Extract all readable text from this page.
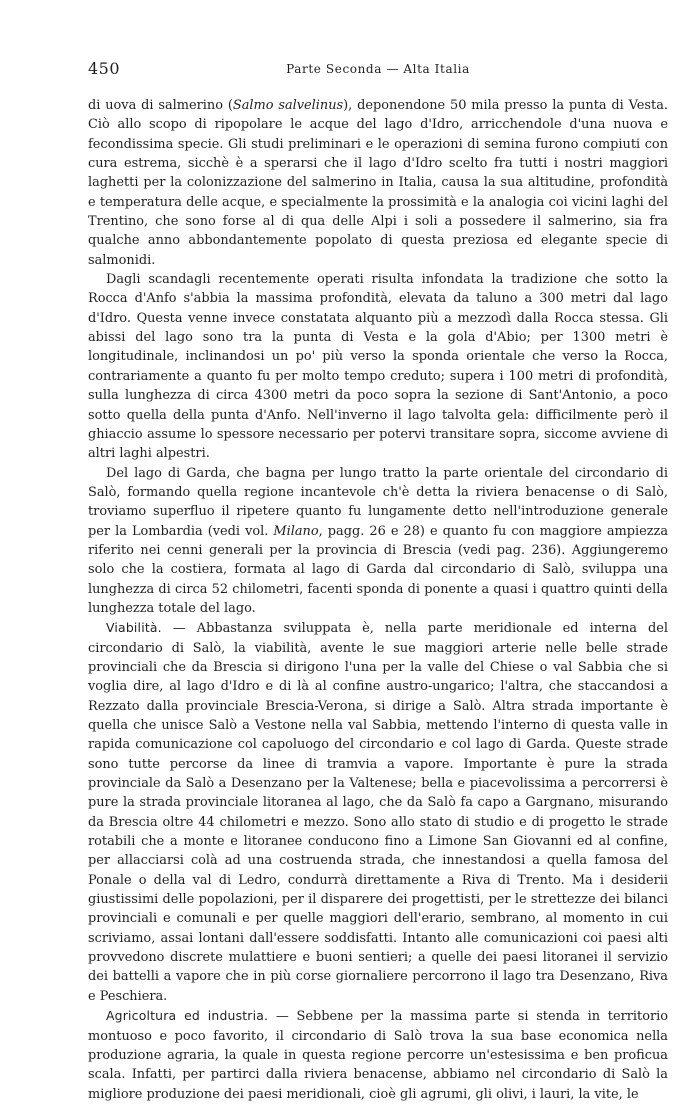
450	Parte Seconda — Alta Italia

di uova di salmerino (Salmo salvelinus), deponendone 50 mila presso la punta di Vesta. Ciò allo scopo di ripopolare le acque del lago d'Idro, arricchendole d'una nuova e fecondissima specie. Gli studi preliminari e le operazioni di semina furono compiuti con cura estrema, sicchè è a sperarsi che il lago d'Idro scelto fra tutti i nostri maggiori laghetti per la colonizzazione del salmerino in Italia, causa la sua altitudine, profondità e temperatura delle acque, e specialmente la prossimità e la analogia coi vicini laghi del Trentino, che sono forse al di qua delle Alpi i soli a possedere il salmerino, sia fra qualche anno abbondantemente popolato di questa preziosa ed elegante specie di salmonidi.

Dagli scandagli recentemente operati risulta infondata la tradizione che sotto la Rocca d'Anfo s'abbia la massima profondità, elevata da taluno a 300 metri dal lago d'Idro. Questa venne invece constatata alquanto più a mezzodì dalla Rocca stessa. Gli abissi del lago sono tra la punta di Vesta e la gola d'Abio; per 1300 metri è longitudinale, inclinandosi un po' più verso la sponda orientale che verso la Rocca, contrariamente a quanto fu per molto tempo creduto; supera i 100 metri di profondità, sulla lunghezza di circa 4300 metri da poco sopra la sezione di Sant'Antonio, a poco sotto quella della punta d'Anfo. Nell'inverno il lago talvolta gela: difficilmente però il ghiaccio assume lo spessore necessario per potervi transitare sopra, siccome avviene di altri laghi alpestri.

Del lago di Garda, che bagna per lungo tratto la parte orientale del circondario di Salò, formando quella regione incantevole ch'è detta la riviera benacense o di Salò, troviamo superfluo il ripetere quanto fu lungamente detto nell'introduzione generale per la Lombardia (vedi vol. Milano, pagg. 26 e 28) e quanto fu con maggiore ampiezza riferito nei cenni generali per la provincia di Brescia (vedi pag. 236). Aggiungeremo solo che la costiera, formata al lago di Garda dal circondario di Salò, sviluppa una lunghezza di circa 52 chilometri, facenti sponda di ponente a quasi i quattro quinti della lunghezza totale del lago.

Viabilità. — Abbastanza sviluppata è, nella parte meridionale ed interna del circondario di Salò, la viabilità, avente le sue maggiori arterie nelle belle strade provinciali che da Brescia si dirigono l'una per la valle del Chiese o val Sabbia che si voglia dire, al lago d'Idro e di là al confine austro-ungarico; l'altra, che staccandosi a Rezzato dalla provinciale Brescia-Verona, si dirige a Salò. Altra strada importante è quella che unisce Salò a Vestone nella val Sabbia, mettendo l'interno di questa valle in rapida comunicazione col capoluogo del circondario e col lago di Garda. Queste strade sono tutte percorse da linee di tramvia a vapore. Importante è pure la strada provinciale da Salò a Desenzano per la Valtenese; bella e piacevolissima a percorrersi è pure la strada provinciale litoranea al lago, che da Salò fa capo a Gargnano, misurando da Brescia oltre 44 chilometri e mezzo. Sono allo stato di studio e di progetto le strade rotabili che a monte e litoranee conducono fino a Limone San Giovanni ed al confine, per allacciarsi colà ad una costruenda strada, che innestandosi a quella famosa del Ponale o della val di Ledro, condurrà direttamente a Riva di Trento. Ma i desiderii giustissimi delle popolazioni, per il disparere dei progettisti, per le strettezze dei bilanci provinciali e comunali e per quelle maggiori dell'erario, sembrano, al momento in cui scriviamo, assai lontani dall'essere soddisfatti. Intanto alle comunicazioni coi paesi alti provvedono discrete mulattiere e buoni sentieri; a quelle dei paesi litoranei il servizio dei battelli a vapore che in più corse giornaliere percorrono il lago tra Desenzano, Riva e Peschiera.

Agricoltura ed industria. — Sebbene per la massima parte si stenda in territorio montuoso e poco favorito, il circondario di Salò trova la sua base economica nella produzione agraria, la quale in questa regione percorre un'estesissima e ben proficua scala. Infatti, per partirci dalla riviera benacense, abbiamo nel circondario di Salò la migliore produzione dei paesi meridionali, cioè gli agrumi, gli olivi, i lauri, la vite, le
